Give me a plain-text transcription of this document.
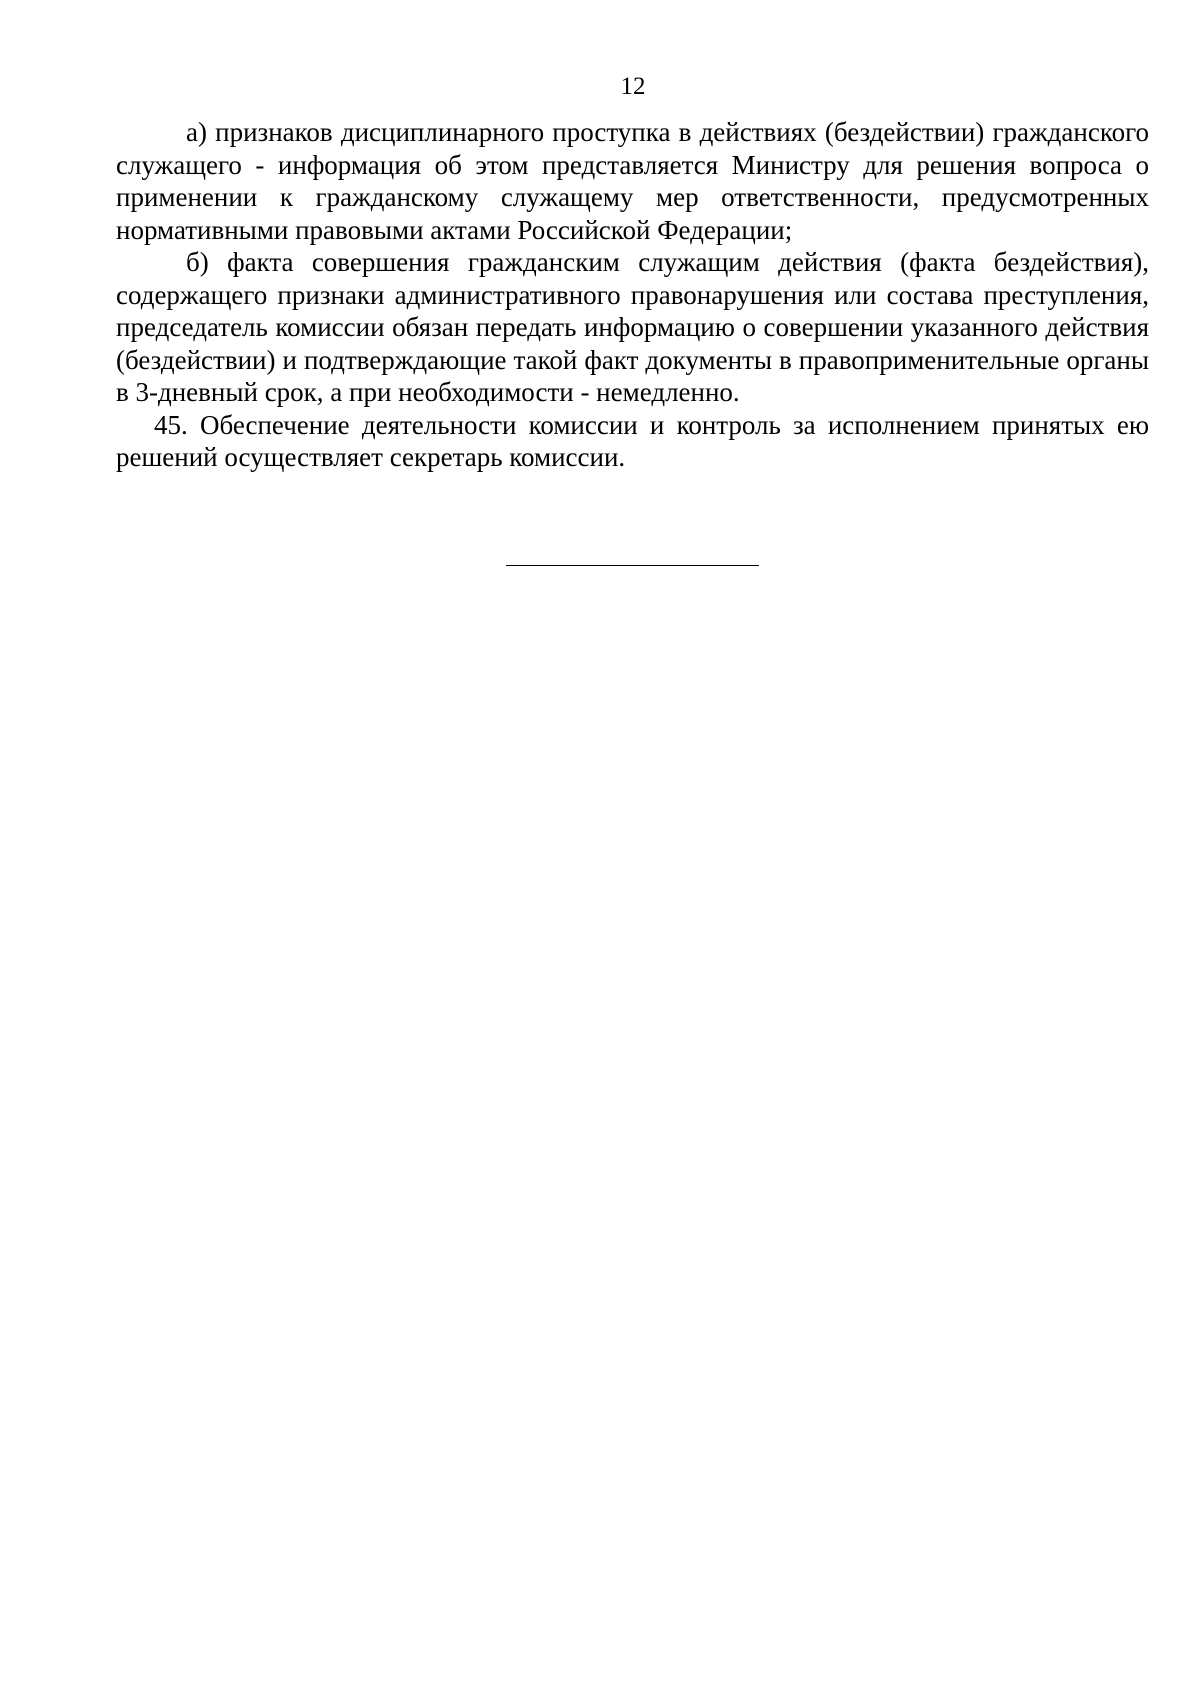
12

а) признаков дисциплинарного проступка в действиях (бездействии) гражданского служащего - информация об этом представляется Министру для решения вопроса о применении к гражданскому служащему мер ответственности, предусмотренных нормативными правовыми актами Российской Федерации;

б) факта совершения гражданским служащим действия (факта бездействия), содержащего признаки административного правонарушения или состава преступления, председатель комиссии обязан передать информацию о совершении указанного действия (бездействии) и подтверждающие такой факт документы в правоприменительные органы в 3-дневный срок, а при необходимости - немедленно.

45. Обеспечение деятельности комиссии и контроль за исполнением принятых ею решений осуществляет секретарь комиссии.
